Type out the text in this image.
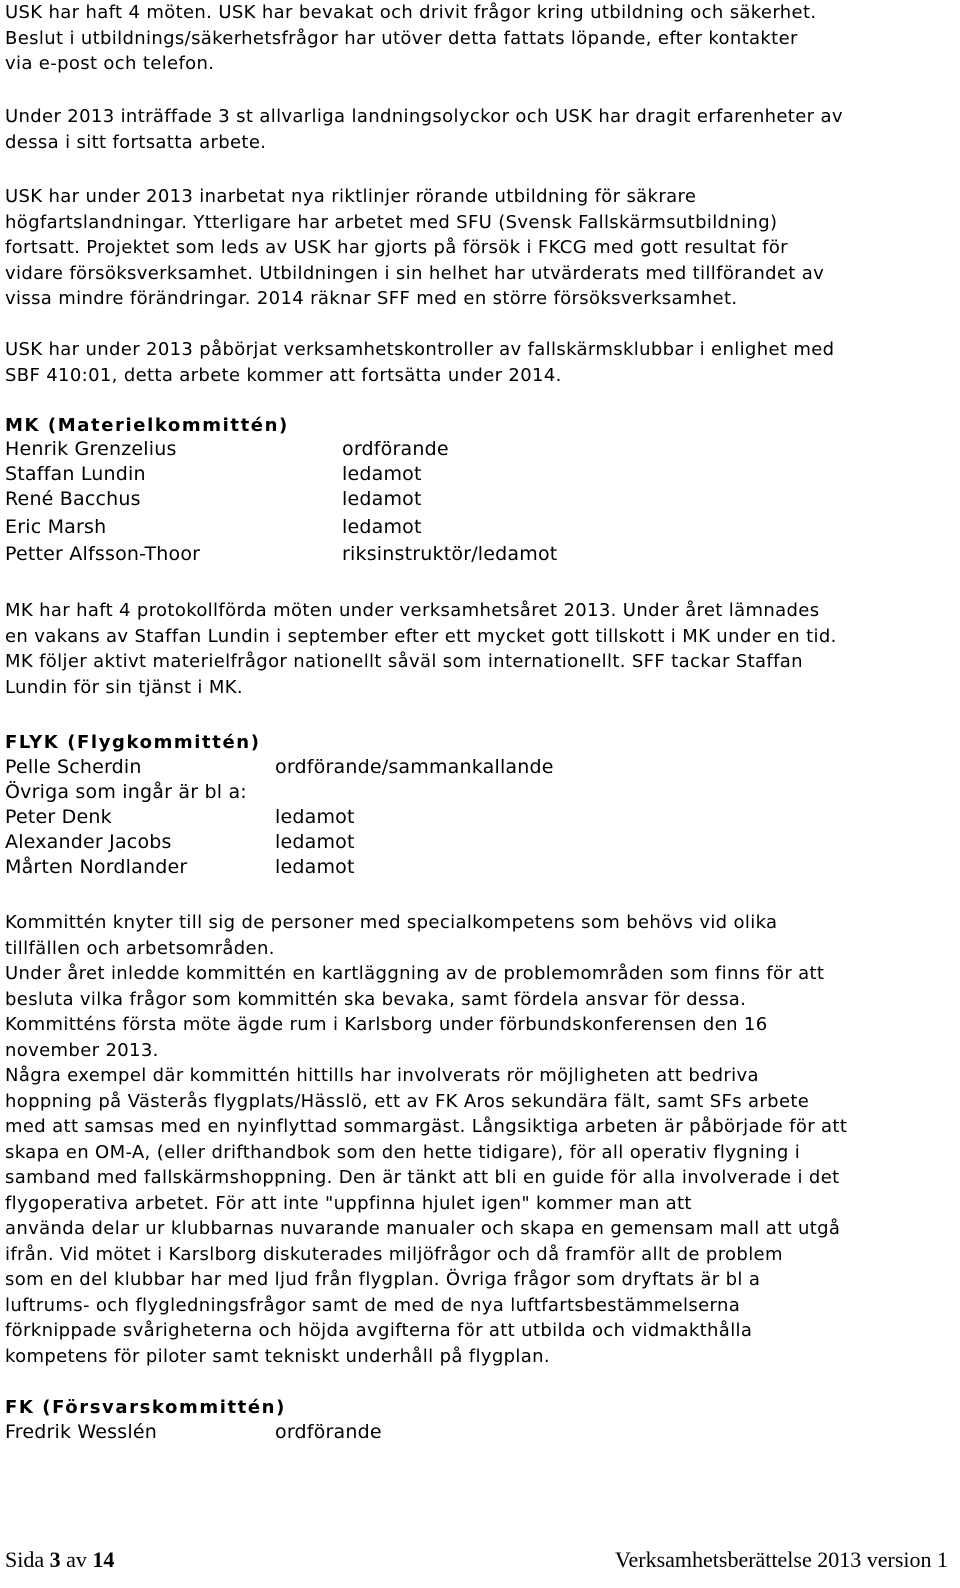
USK har haft 4 möten. USK har bevakat och drivit frågor kring utbildning och säkerhet.
Beslut i utbildnings/säkerhetsfrågor har utöver detta fattats löpande, efter kontakter
via e-post och telefon.

Under 2013 inträffade 3 st allvarliga landningsolyckor och USK har dragit erfarenheter av
dessa i sitt fortsatta arbete.

USK har under 2013 inarbetat nya riktlinjer rörande utbildning för säkrare
högfartslandningar. Ytterligare har arbetet med SFU (Svensk Fallskärmsutbildning)
fortsatt. Projektet som leds av USK har gjorts på försök i FKCG med gott resultat för
vidare försöksverksamhet. Utbildningen i sin helhet har utvärderats med tillförandet av
vissa mindre förändringar. 2014 räknar SFF med en större försöksverksamhet.

USK har under 2013 påbörjat verksamhetskontroller av fallskärmsklubbar i enlighet med
SBF 410:01, detta arbete kommer att fortsätta under 2014.

MK (Materielkommittén)
Henrik Grenzelius	ordförande
Staffan Lundin	ledamot
René Bacchus	ledamot
Eric Marsh	ledamot
Petter Alfsson-Thoor	riksinstruktör/ledamot

MK har haft 4 protokollförda möten under verksamhetsåret 2013. Under året lämnades
en vakans av Staffan Lundin i september efter ett mycket gott tillskott i MK under en tid.
MK följer aktivt materielfrågor nationellt såväl som internationellt. SFF tackar Staffan
Lundin för sin tjänst i MK.

FLYK (Flygkommittén)
Pelle Scherdin	ordförande/sammankallande
Övriga som ingår är bl a:
Peter Denk	ledamot
Alexander Jacobs	ledamot
Mårten Nordlander	ledamot

Kommittén knyter till sig de personer med specialkompetens som behövs vid olika
tillfällen och arbetsområden.
Under året inledde kommittén en kartläggning av de problemområden som finns för att
besluta vilka frågor som kommittén ska bevaka, samt fördela ansvar för dessa.
Kommitténs första möte ägde rum i Karlsborg under förbundskonferensen den 16
november 2013.
Några exempel där kommittén hittills har involverats rör möjligheten att bedriva
hoppning på Västerås flygplats/Hässlö, ett av FK Aros sekundära fält, samt SFs arbete
med att samsas med en nyinflyttad sommargäst. Långsiktiga arbeten är påbörjade för att
skapa en OM-A, (eller drifthandbok som den hette tidigare), för all operativ flygning i
samband med fallskärmshoppning. Den är tänkt att bli en guide för alla involverade i det
flygoperativa arbetet. För att inte "uppfinna hjulet igen" kommer man att
använda delar ur klubbarnas nuvarande manualer och skapa en gemensam mall att utgå
ifrån. Vid mötet i Karslborg diskuterades miljöfrågor och då framför allt de problem
som en del klubbar har med ljud från flygplan. Övriga frågor som dryftats är bl a
luftrums- och flygledningsfrågor samt de med de nya luftfartsbestämmelserna
förknippade svårigheterna och höjda avgifterna för att utbilda och vidmakthålla
kompetens för piloter samt tekniskt underhåll på flygplan.

FK (Försvarskommittén)
Fredrik Wesslén	ordförande
Sida 3 av 14	Verksamhetsberättelse 2013 version 1
